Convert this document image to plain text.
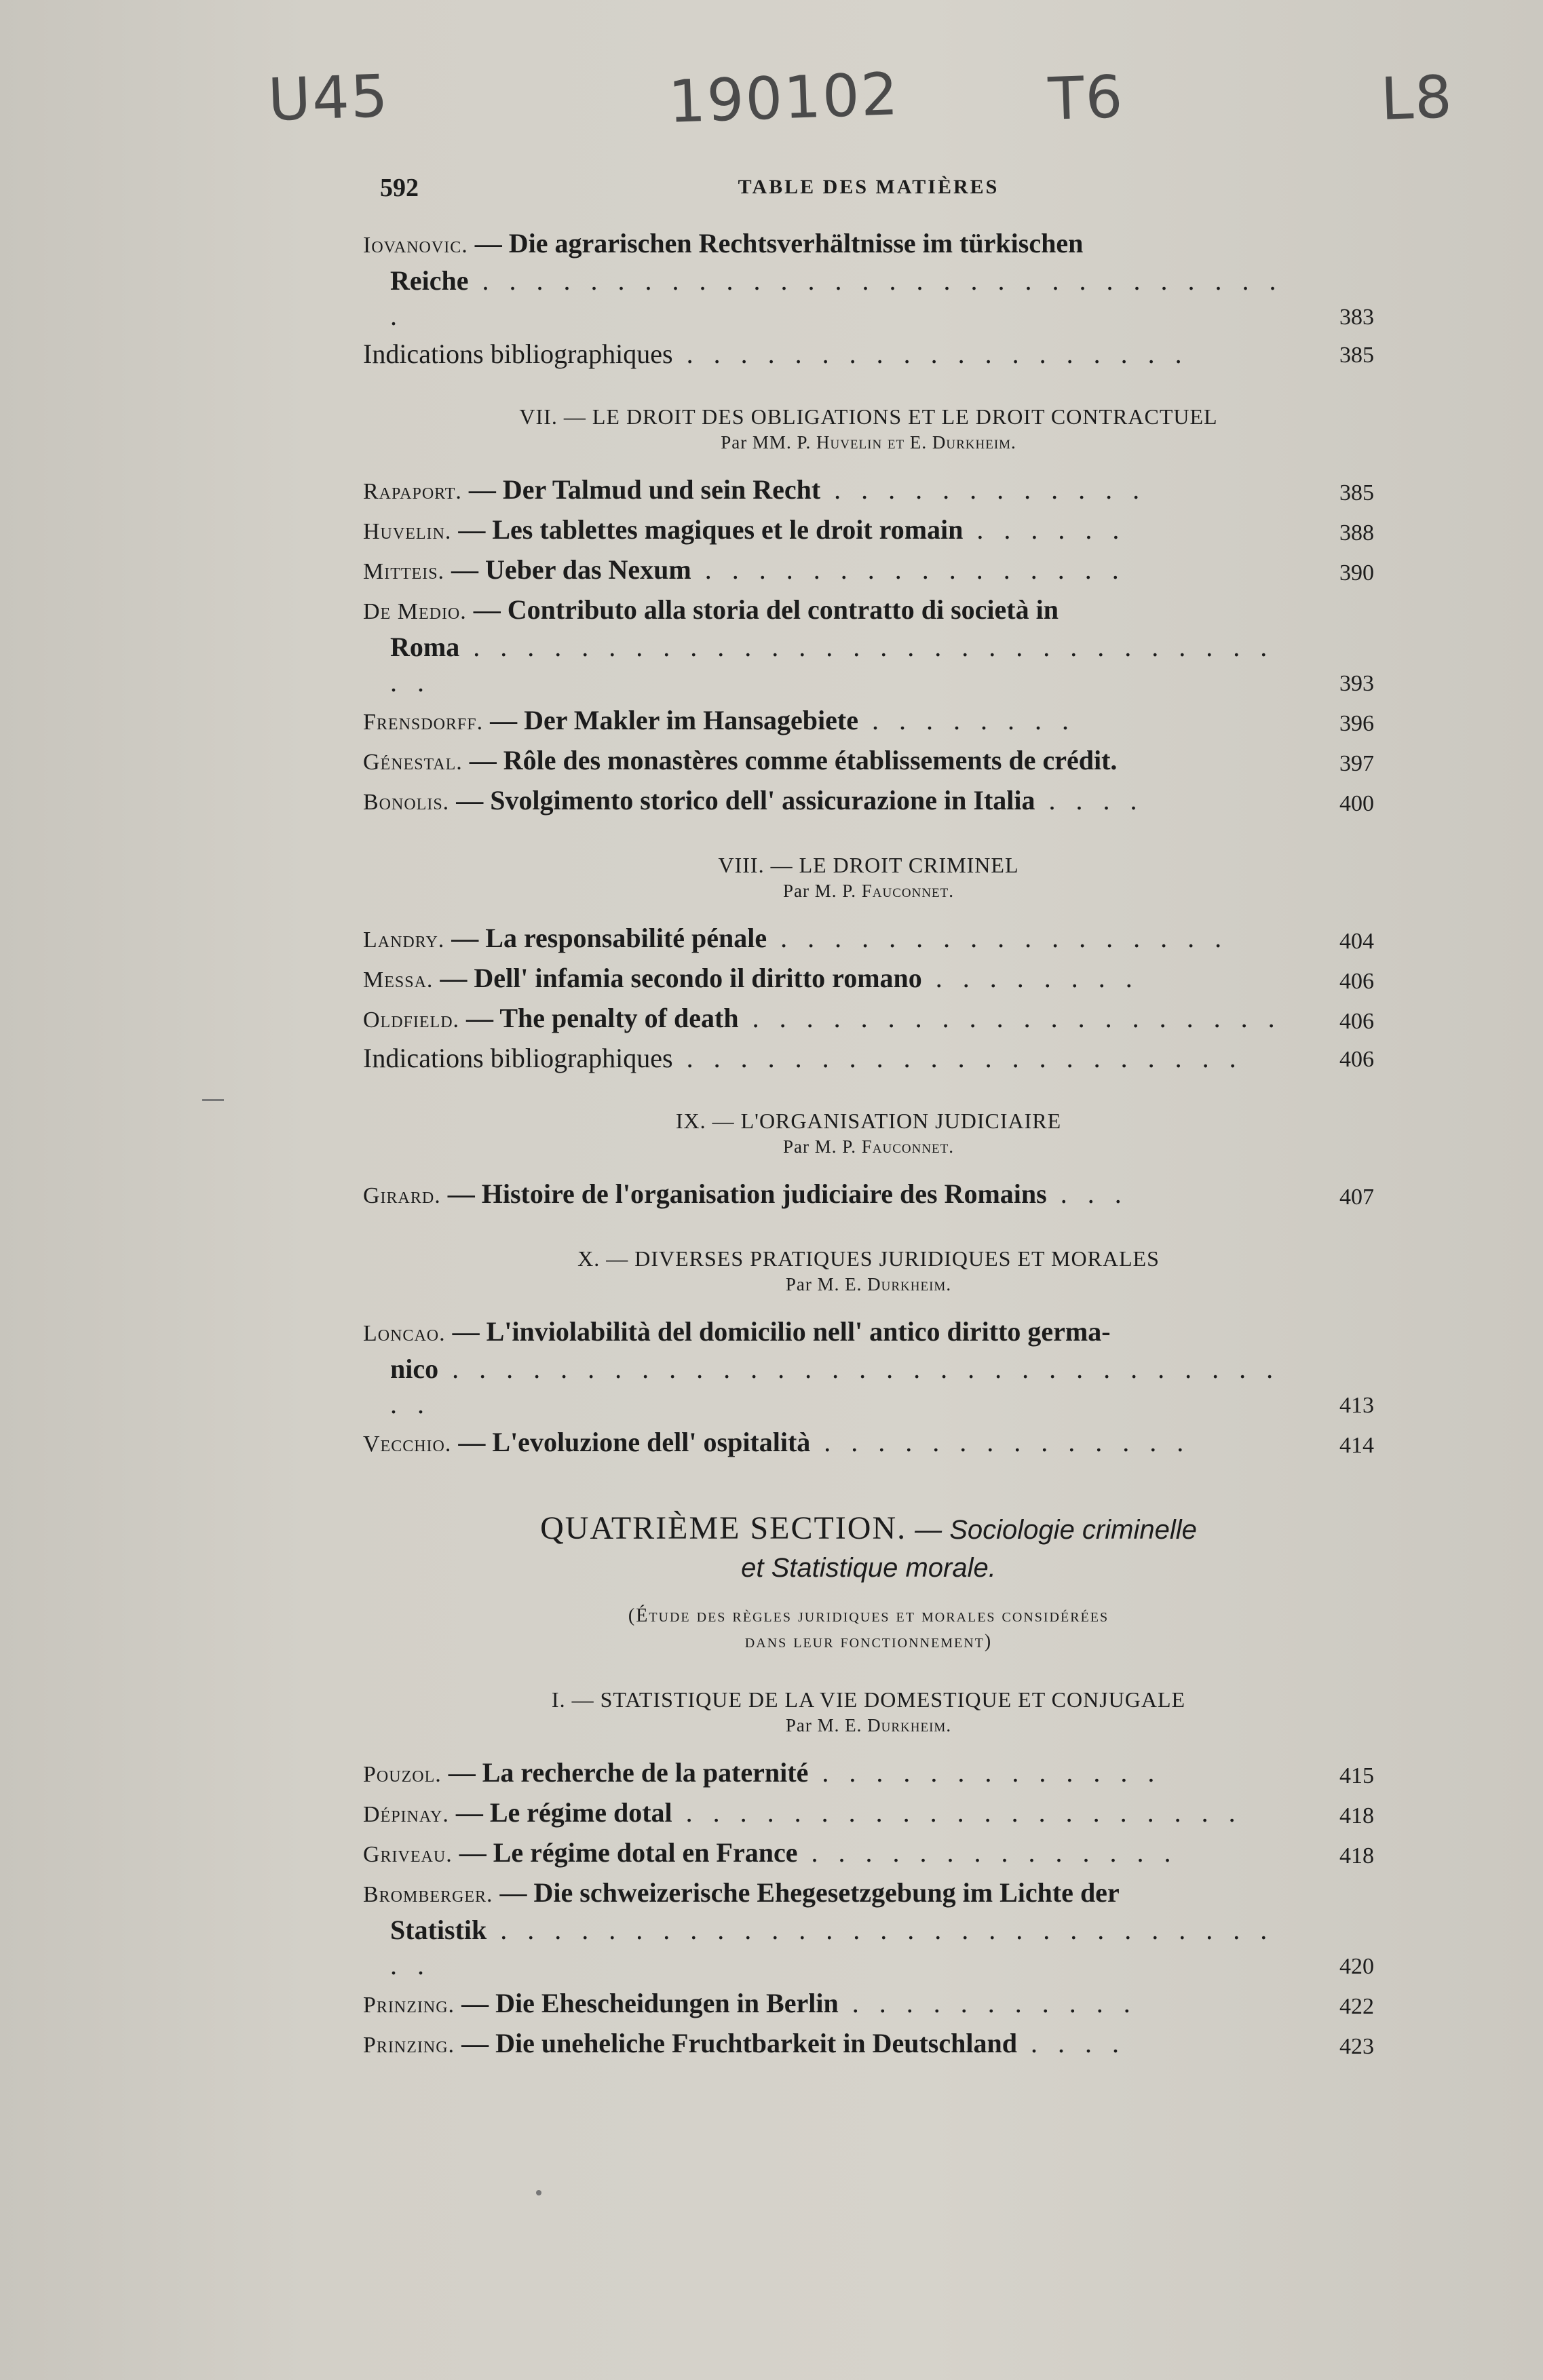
U45	190102	T6	L8
592	TABLE DES MATIÈRES
Iovanovic. — Die agrarischen Rechtsverhältnisse im türkischen
Reiche . . . . . . . . . . . . . . . . . . . . . . . . . . . . . . .	383
Indications bibliographiques . . . . . . . . . . . . . . . . . . .	385
VII. — LE DROIT DES OBLIGATIONS ET LE DROIT CONTRACTUEL
Par MM. P. Huvelin et E. Durkheim.
Rapaport. — Der Talmud und sein Recht . . . . . . . . . . . .	385
Huvelin. — Les tablettes magiques et le droit romain . . . . . .	388
Mitteis. — Ueber das Nexum . . . . . . . . . . . . . . . .	390
De Medio. — Contributo alla storia del contratto di società in
Roma . . . . . . . . . . . . . . . . . . . . . . . . . . . . . . . .	393
Frensdorff. — Der Makler im Hansagebiete . . . . . . . .	396
Génestal. — Rôle des monastères comme établissements de crédit.	397
Bonolis. — Svolgimento storico dell' assicurazione in Italia . . . .	400
VIII. — LE DROIT CRIMINEL
Par M. P. Fauconnet.
Landry. — La responsabilité pénale . . . . . . . . . . . . . . . . .	404
Messa. — Dell' infamia secondo il diritto romano . . . . . . . .	406
Oldfield. — The penalty of death . . . . . . . . . . . . . . . . . . . .	406
Indications bibliographiques . . . . . . . . . . . . . . . . . . . . .	406
IX. — L'ORGANISATION JUDICIAIRE
Par M. P. Fauconnet.
Girard. — Histoire de l'organisation judiciaire des Romains . . .	407
X. — DIVERSES PRATIQUES JURIDIQUES ET MORALES
Par M. E. Durkheim.
Loncao. — L'inviolabilità del domicilio nell' antico diritto germa-
nico . . . . . . . . . . . . . . . . . . . . . . . . . . . . . . . . .	413
Vecchio. — L'evoluzione dell' ospitalità . . . . . . . . . . . . . .	414
QUATRIÈME SECTION. — Sociologie criminelle
et Statistique morale.
(Étude des règles juridiques et morales considérées
dans leur fonctionnement)
I. — STATISTIQUE DE LA VIE DOMESTIQUE ET CONJUGALE
Par M. E. Durkheim.
Pouzol. — La recherche de la paternité . . . . . . . . . . . . .	415
Dépinay. — Le régime dotal . . . . . . . . . . . . . . . . . . . . .	418
Griveau. — Le régime dotal en France . . . . . . . . . . . . . .	418
Bromberger. — Die schweizerische Ehegesetzgebung im Lichte der
Statistik . . . . . . . . . . . . . . . . . . . . . . . . . . . . . . .	420
Prinzing. — Die Ehescheidungen in Berlin . . . . . . . . . . .	422
Prinzing. — Die uneheliche Fruchtbarkeit in Deutschland . . . .	423
